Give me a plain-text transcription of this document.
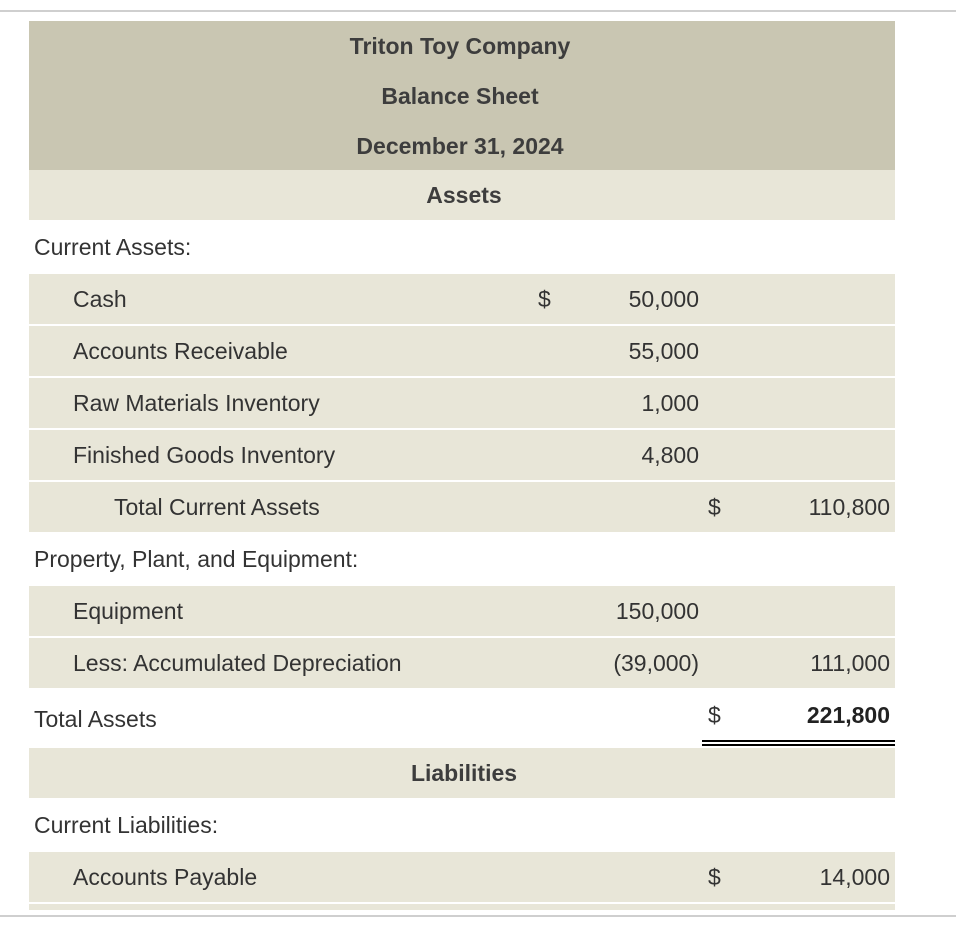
Triton Toy Company
Balance Sheet
December 31, 2024
Assets
Current Assets:
Cash	$	50,000
Accounts Receivable	55,000
Raw Materials Inventory	1,000
Finished Goods Inventory	4,800
Total Current Assets	$	110,800
Property, Plant, and Equipment:
Equipment	150,000
Less: Accumulated Depreciation	(39,000)	111,000
Total Assets	$	221,800
Liabilities
Current Liabilities:
Accounts Payable	$	14,000
